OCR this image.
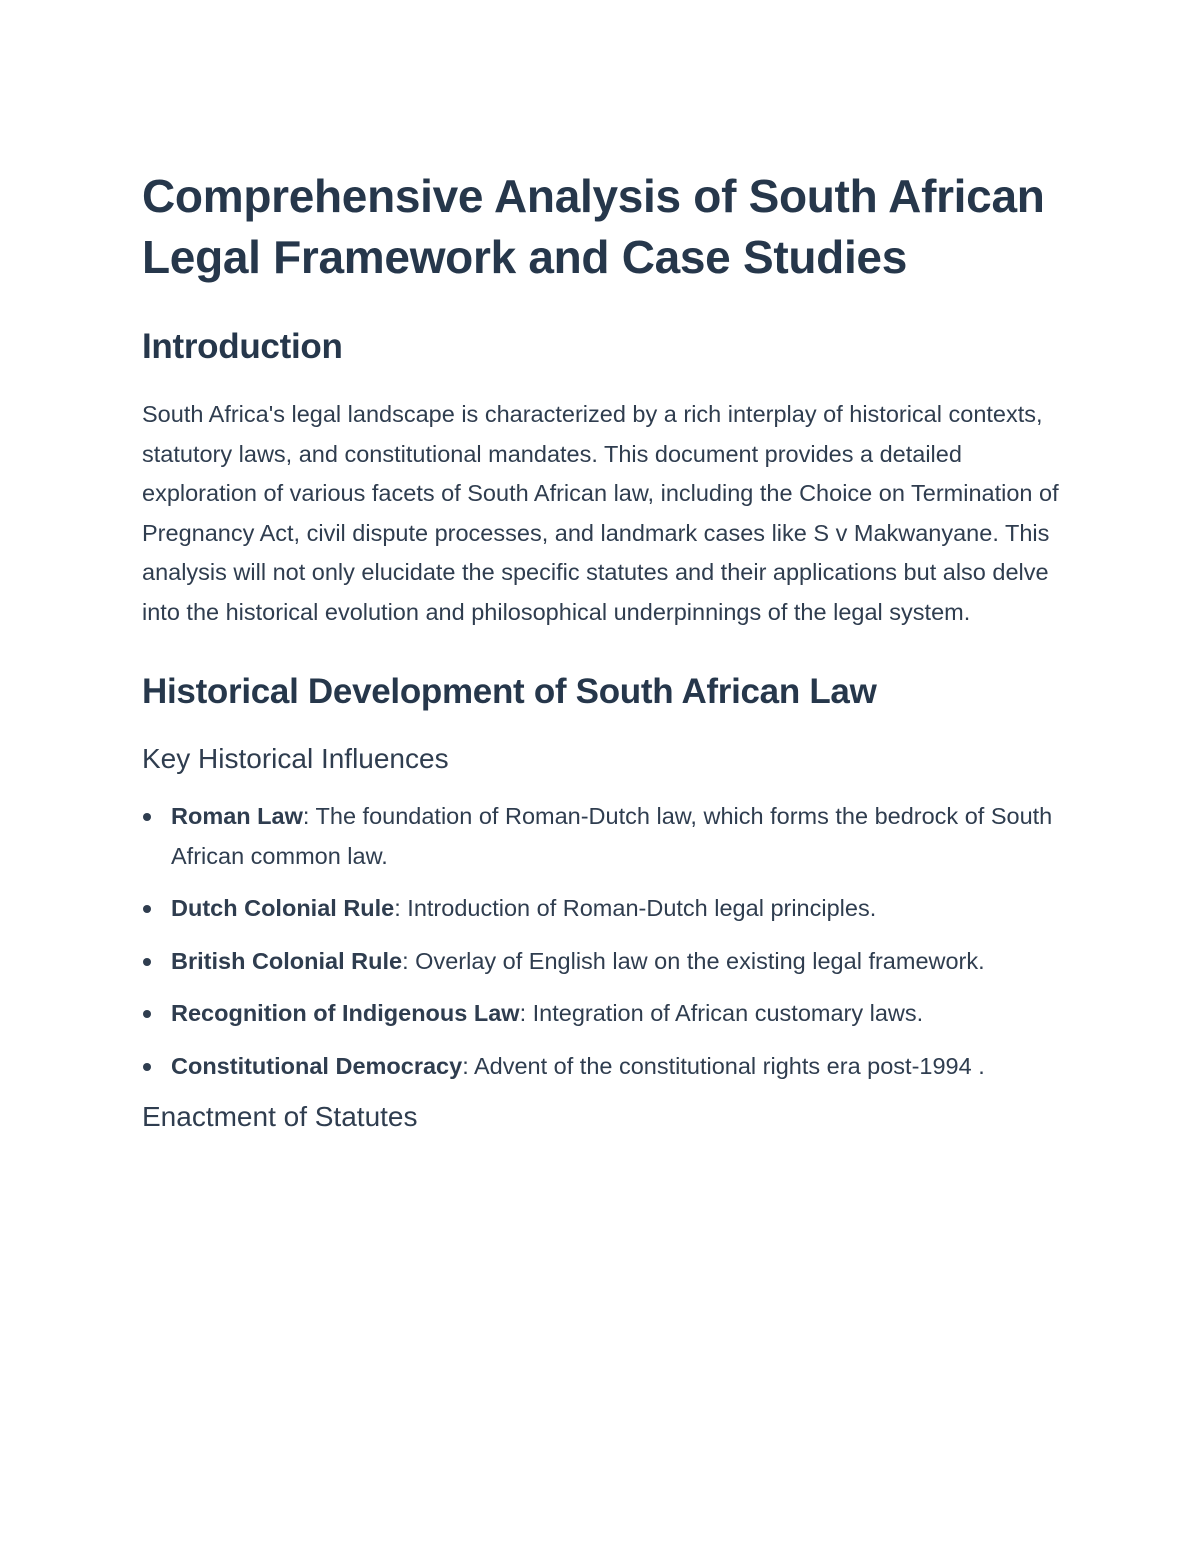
Comprehensive Analysis of South African Legal Framework and Case Studies
Introduction

South Africa's legal landscape is characterized by a rich interplay of historical contexts, statutory laws, and constitutional mandates. This document provides a detailed exploration of various facets of South African law, including the Choice on Termination of Pregnancy Act, civil dispute processes, and landmark cases like S v Makwanyane. This analysis will not only elucidate the specific statutes and their applications but also delve into the historical evolution and philosophical underpinnings of the legal system.

Historical Development of South African Law
Key Historical Influences
Roman Law: The foundation of Roman-Dutch law, which forms the bedrock of South African common law.
Dutch Colonial Rule: Introduction of Roman-Dutch legal principles.
British Colonial Rule: Overlay of English law on the existing legal framework.
Recognition of Indigenous Law: Integration of African customary laws.
Constitutional Democracy: Advent of the constitutional rights era post-1994 .
Enactment of Statutes
